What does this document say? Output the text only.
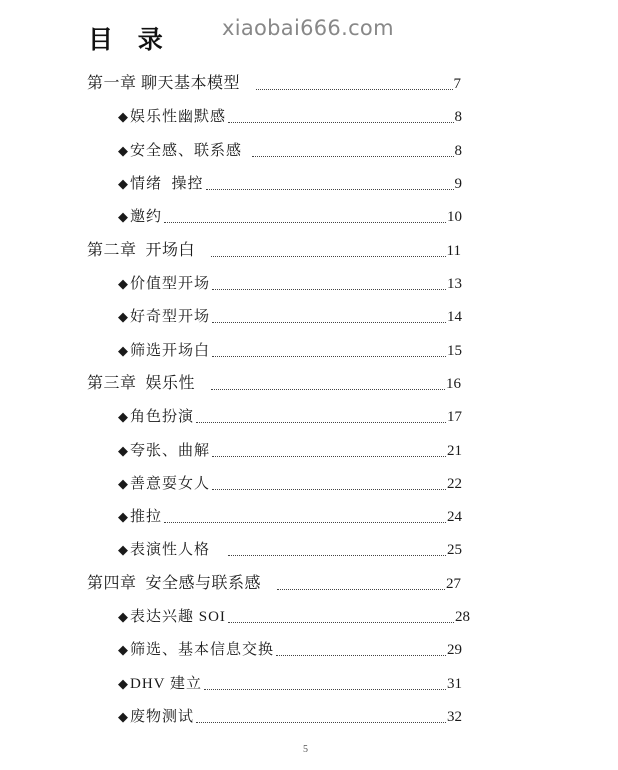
目 录 xiaobai666.com
第一章 聊天基本模型	7
◆ 娱乐性幽默感	8
◆ 安全感、联系感	8
◆ 情绪  操控	9
◆ 邀约	10
第二章  开场白	11
◆ 价值型开场	13
◆ 好奇型开场	14
◆ 筛选开场白	15
第三章  娱乐性	16
◆ 角色扮演	17
◆ 夸张、曲解	21
◆ 善意耍女人	22
◆ 推拉	24
◆ 表演性人格	25
第四章  安全感与联系感	27
◆ 表达兴趣 SOI	28
◆ 筛选、基本信息交换	29
◆ DHV 建立	31
◆ 废物测试	32
5
